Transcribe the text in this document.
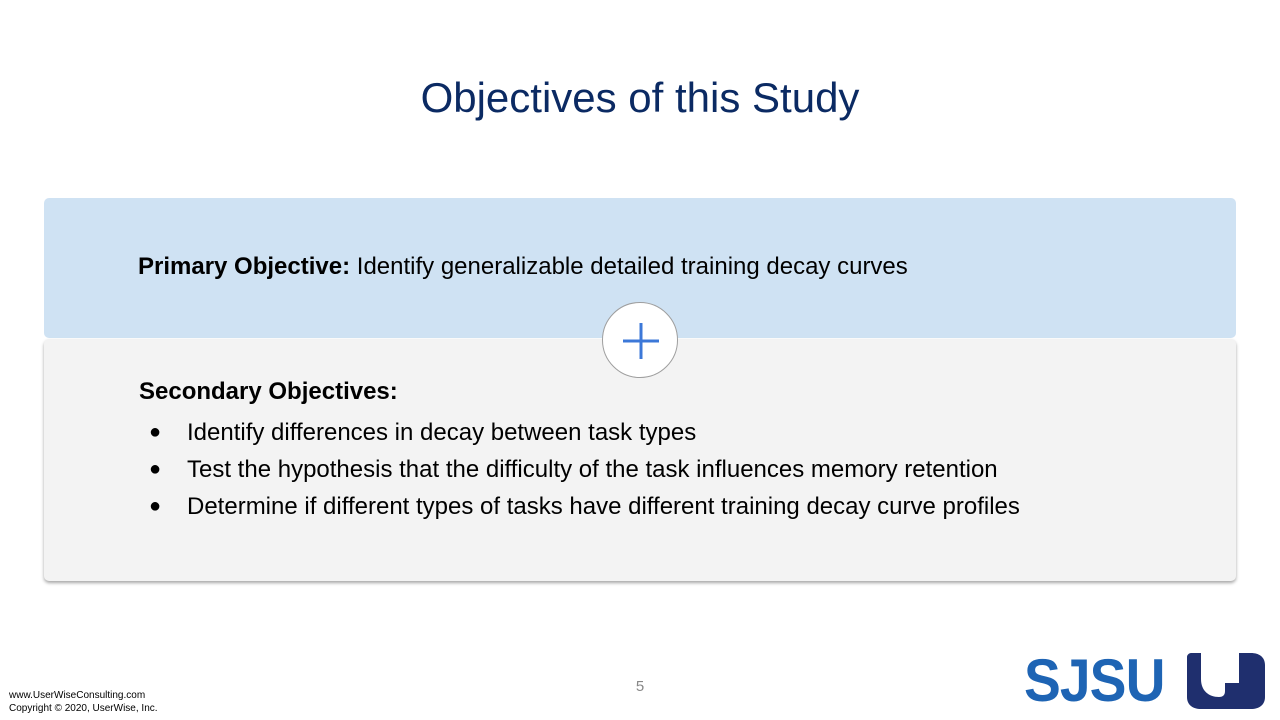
Objectives of this Study
Primary Objective: Identify generalizable detailed training decay curves
Secondary Objectives:
● Identify differences in decay between task types
● Test the hypothesis that the difficulty of the task influences memory retention
● Determine if different types of tasks have different training decay curve profiles
www.UserWiseConsulting.com
Copyright © 2020, UserWise, Inc.
5	SJSU
